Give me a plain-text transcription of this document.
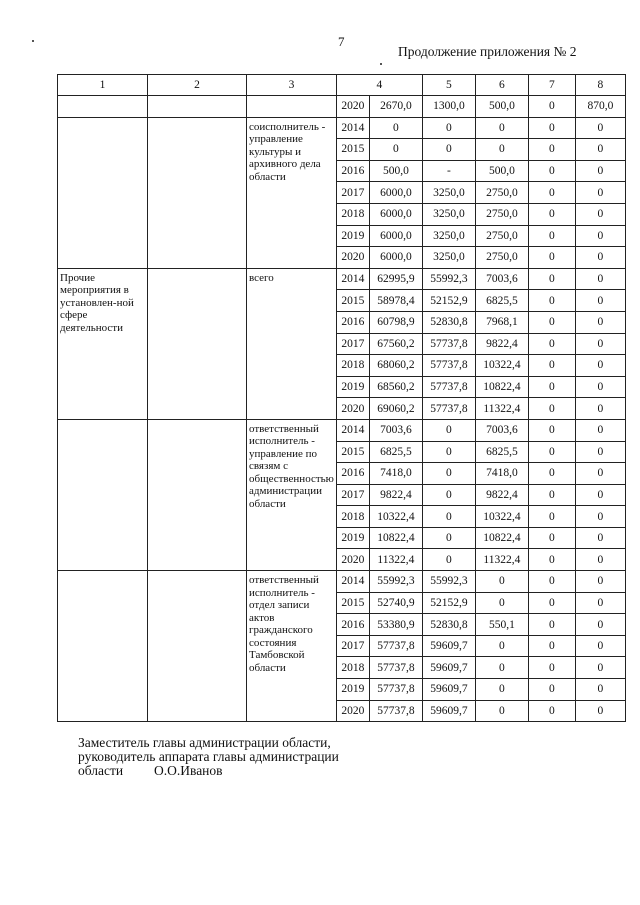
7
Продолжение приложения № 2
1	2	3	4		5	6	7	8
			2020	2670,0	1300,0	500,0	0	870,0
		соисполнитель - управление культуры и архивного дела области	2014	0	0	0	0	0
			2015	0	0	0	0	0
			2016	500,0	-	500,0	0	0
			2017	6000,0	3250,0	2750,0	0	0
			2018	6000,0	3250,0	2750,0	0	0
			2019	6000,0	3250,0	2750,0	0	0
			2020	6000,0	3250,0	2750,0	0	0
Прочие мероприятия в установлен-ной сфере деятельности		всего	2014	62995,9	55992,3	7003,6	0	0
			2015	58978,4	52152,9	6825,5	0	0
			2016	60798,9	52830,8	7968,1	0	0
			2017	67560,2	57737,8	9822,4	0	0
			2018	68060,2	57737,8	10322,4	0	0
			2019	68560,2	57737,8	10822,4	0	0
			2020	69060,2	57737,8	11322,4	0	0
		ответственный исполнитель - управление по связям с общественностью администрации области	2014	7003,6	0	7003,6	0	0
			2015	6825,5	0	6825,5	0	0
			2016	7418,0	0	7418,0	0	0
			2017	9822,4	0	9822,4	0	0
			2018	10322,4	0	10322,4	0	0
			2019	10822,4	0	10822,4	0	0
			2020	11322,4	0	11322,4	0	0
		ответственный исполнитель - отдел записи актов гражданского состояния Тамбовской области	2014	55992,3	55992,3	0	0	0
			2015	52740,9	52152,9	0	0	0
			2016	53380,9	52830,8	550,1	0	0
			2017	57737,8	59609,7	0	0	0
			2018	57737,8	59609,7	0	0	0
			2019	57737,8	59609,7	0	0	0
			2020	57737,8	59609,7	0	0	0
Заместитель главы администрации области,
руководитель аппарата главы администрации
области О.О.Иванов
